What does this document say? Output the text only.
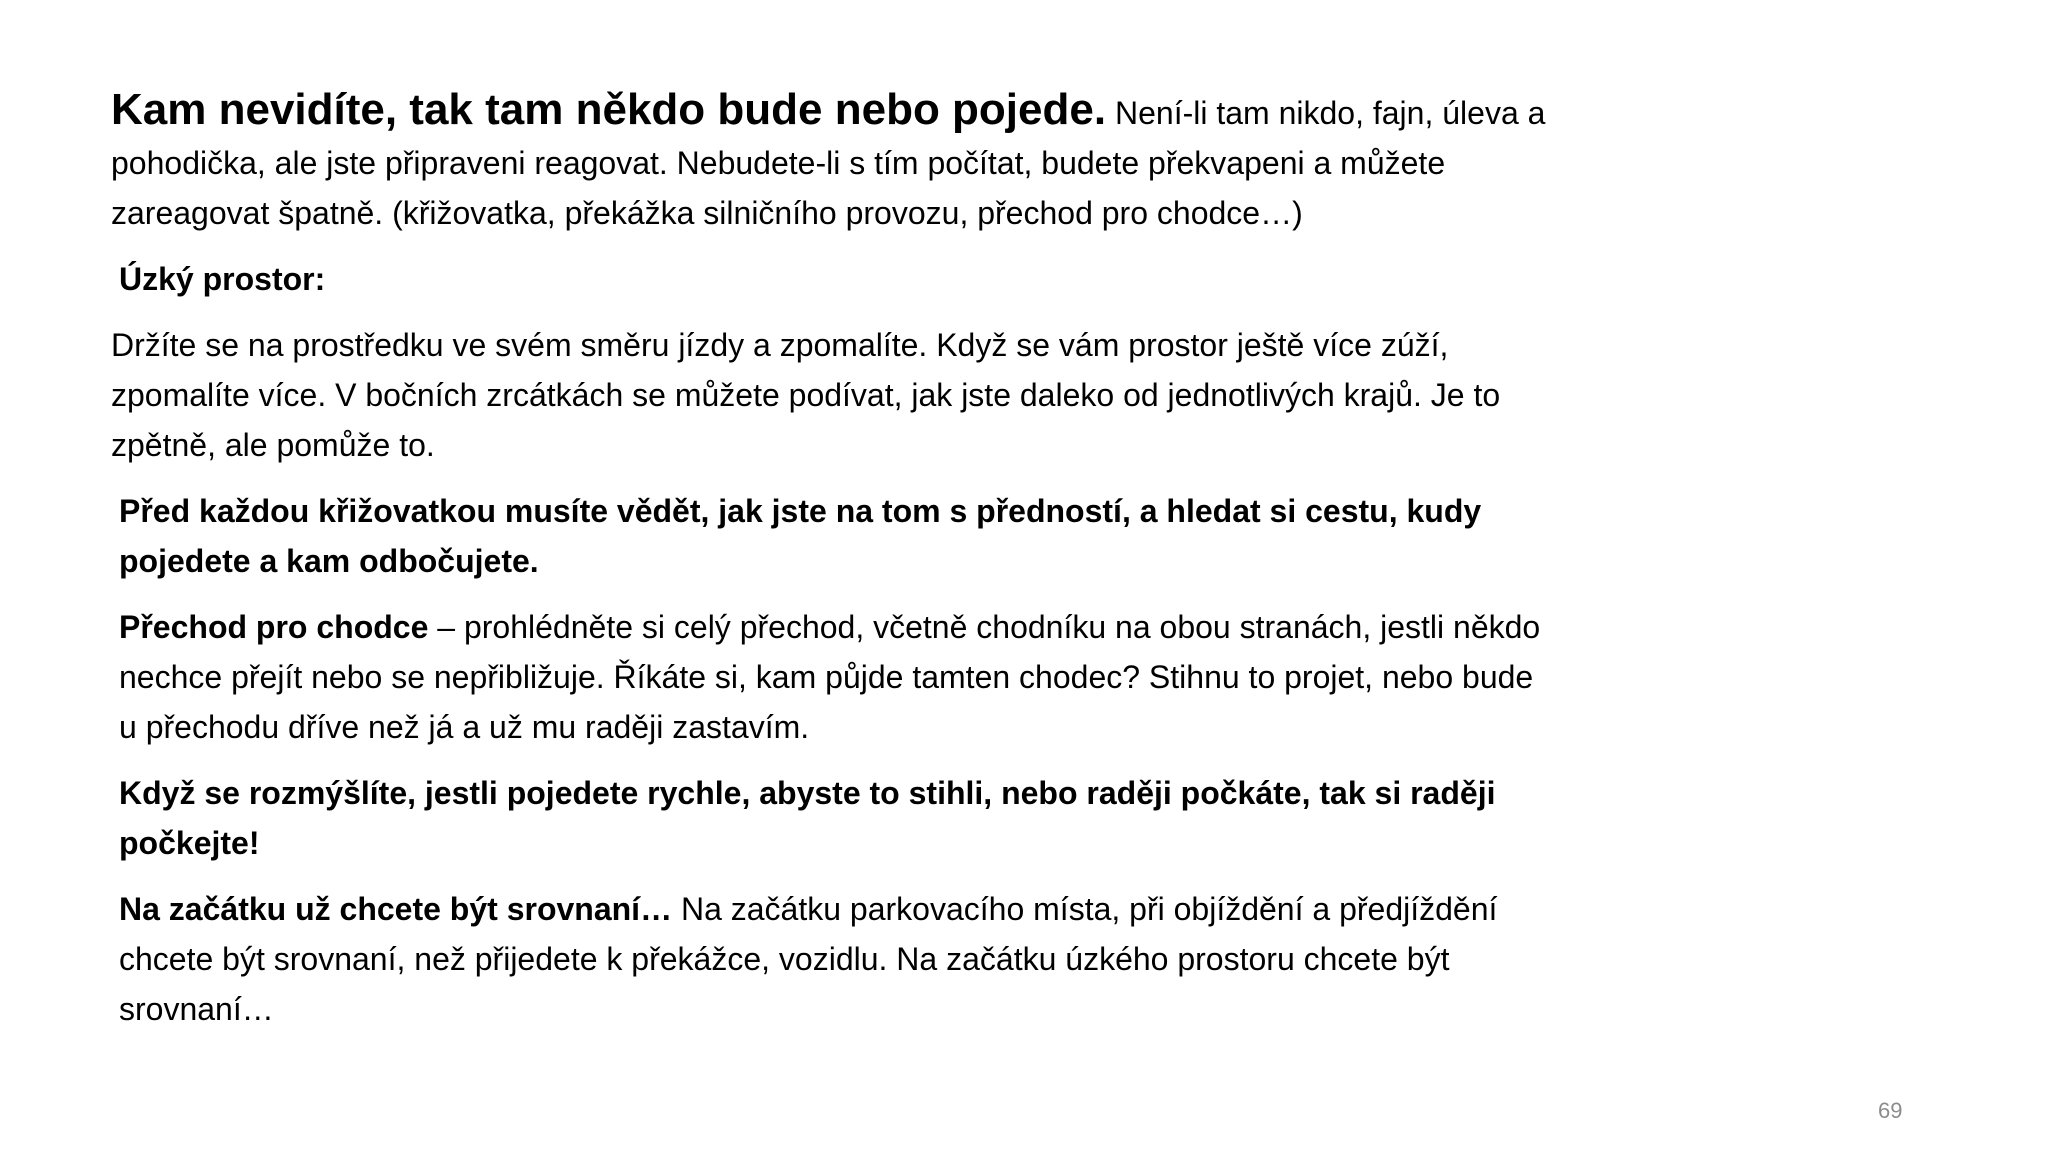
Kam nevidíte, tak tam někdo bude nebo pojede. Není-li tam nikdo, fajn, úleva a pohodička, ale jste připraveni reagovat. Nebudete-li s tím počítat, budete překvapeni a můžete zareagovat špatně. (křižovatka, překážka silničního provozu, přechod pro chodce…)

Úzký prostor:

Držíte se na prostředku ve svém směru jízdy a zpomalíte. Když se vám prostor ještě více zúží, zpomalíte více. V bočních zrcátkách se můžete podívat, jak jste daleko od jednotlivých krajů. Je to zpětně, ale pomůže to.

Před každou křižovatkou musíte vědět, jak jste na tom s předností, a hledat si cestu, kudy pojedete a kam odbočujete.

Přechod pro chodce – prohlédněte si celý přechod, včetně chodníku na obou stranách, jestli někdo nechce přejít nebo se nepřibližuje. Říkáte si, kam půjde tamten chodec? Stihnu to projet, nebo bude u přechodu dříve než já a už mu raději zastavím.

Když se rozmýšlíte, jestli pojedete rychle, abyste to stihli, nebo raději počkáte, tak si raději počkejte!

Na začátku už chcete být srovnaní… Na začátku parkovacího místa, při objíždění a předjíždění chcete být srovnaní, než přijedete k překážce, vozidlu. Na začátku úzkého prostoru chcete být srovnaní…

69
